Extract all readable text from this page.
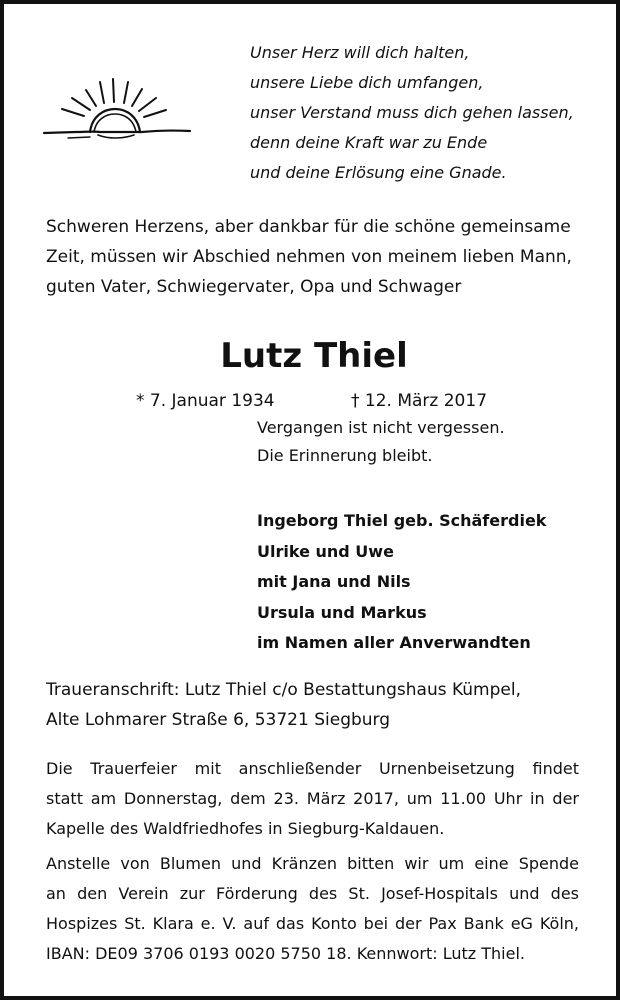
Unser Herz will dich halten,
unsere Liebe dich umfangen,
unser Verstand muss dich gehen lassen,
denn deine Kraft war zu Ende
und deine Erlösung eine Gnade.
Schweren Herzens, aber dankbar für die schöne gemeinsame
Zeit, müssen wir Abschied nehmen von meinem lieben Mann,
guten Vater, Schwiegervater, Opa und Schwager
Lutz Thiel
* 7. Januar 1934	† 12. März 2017
Vergangen ist nicht vergessen.
Die Erinnerung bleibt.
Ingeborg Thiel geb. Schäferdiek
Ulrike und Uwe
mit Jana und Nils
Ursula und Markus
im Namen aller Anverwandten
Traueranschrift: Lutz Thiel c/o Bestattungshaus Kümpel,
Alte Lohmarer Straße 6, 53721 Siegburg
Die Trauerfeier mit anschließender Urnenbeisetzung findet
statt am Donnerstag, dem 23. März 2017, um 11.00 Uhr in der
Kapelle des Waldfriedhofes in Siegburg-Kaldauen.
Anstelle von Blumen und Kränzen bitten wir um eine Spende
an den Verein zur Förderung des St. Josef-Hospitals und des
Hospizes St. Klara e. V. auf das Konto bei der Pax Bank eG Köln,
IBAN: DE09 3706 0193 0020 5750 18. Kennwort: Lutz Thiel.
